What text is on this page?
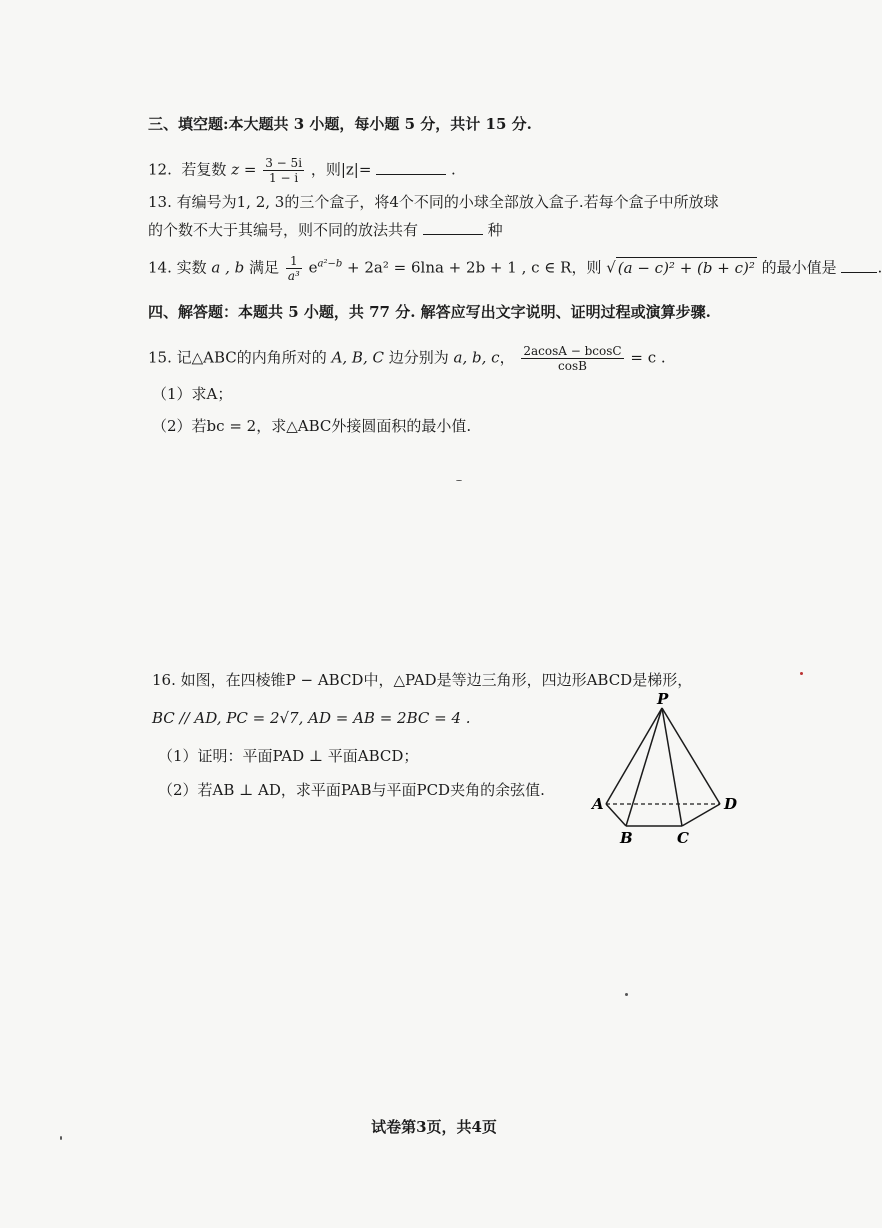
三、填空题:本大题共 3 小题，每小题 5 分，共计 15 分.
12. 若复数 $z = \frac{3 - 5i}{1 - i}$ ，则|z|=	.
13. 有编号为1, 2, 3的三个盒子，将4个不同的小球全部放入盒子.若每个盒子中所放球
的个数不大于其编号，则不同的放法共有	种
14. 实数 a , b 满足 $\frac{1}{\text{a³}} e^{a^2-b} + 2a^2 = 6\ln a + 2b + 1$ , c ∈ R，则 √ (a − c)² + (b + c)² 的最小值是	.
四、解答题：本题共 5 小题，共 77 分. 解答应写出文字说明、证明过程或演算步骤.
15. 记△ABC的内角所对的 A, B, C 边分别为 a, b, c， $\frac{2acosA - bcosC}{\cos B} = c$ .
（1）求A；
（2）若bc = 2，求△ABC外接圆面积的最小值.
16. 如图，在四棱锥P − ABCD中，△PAD是等边三角形，四边形ABCD是梯形，
BC // AD, PC = 2√7, AD = AB = 2BC = 4 .
（1）证明：平面PAD ⊥ 平面ABCD；
（2）若AB ⊥ AD，求平面PAB与平面PCD夹角的余弦值.
P
A
B	C
D
试卷第3页，共4页
